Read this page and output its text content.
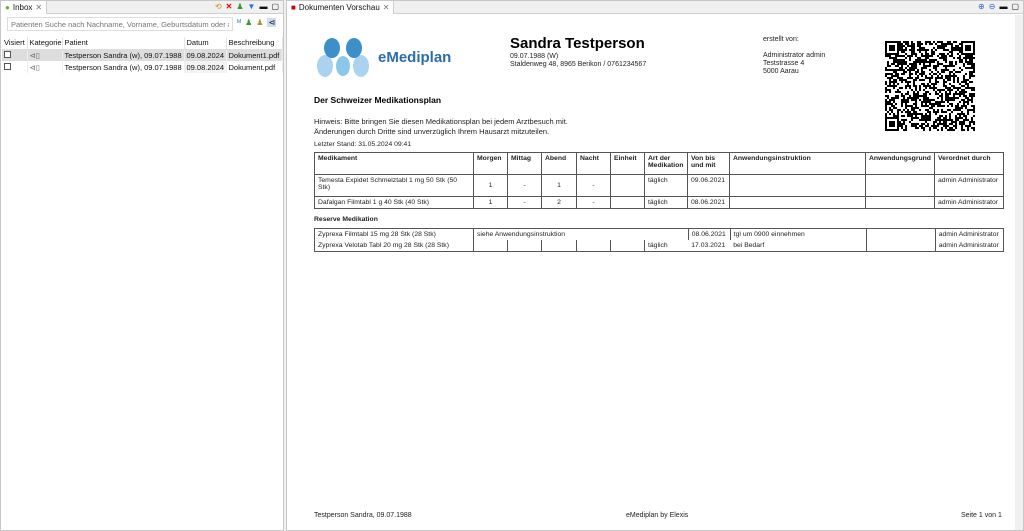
● Inbox ✕	⟲ ✕ ♟ ▼ ▬ ▢
Patienten Suche nach Nachname, Vorname, Geburtsdatum oder #Patie
ᴹ ♟ ♟ ⊲
Visiert	Kategorie	Patient	Datum	Beschreibung
	⊲▯	Testperson Sandra (w), 09.07.1988	09.08.2024	Dokument1.pdf
	⊲▯	Testperson Sandra (w), 09.07.1988	09.08.2024	Dokument.pdf
■ Dokumenten Vorschau ✕	⊕ ⊖ ▬ ▢
eMediplan
Sandra Testperson
09.07.1988 (W)
Staldenweg 48, 8965 Berikon / 0761234567
erstellt von:
Administrator admin
Teststrasse 4
5000 Aarau
Der Schweizer Medikationsplan
Hinweis: Bitte bringen Sie diesen Medikationsplan bei jedem Arztbesuch mit.
Änderungen durch Dritte sind unverzüglich Ihrem Hausarzt mitzuteilen.
Letzter Stand: 31.05.2024 09:41
Medikament	Morgen	Mittag	Abend	Nacht	Einheit	Art der Medikation	Von bis und mit	Anwendungsinstruktion	Anwendungsgrund	Verordnet durch
Temesta Expidet Schmelztabl 1 mg 50 Stk (50 Stk)	1	-	1	-		täglich	09.06.2021			admin Administrator
Dafalgan Filmtabl 1 g 40 Stk (40 Stk)	1	-	2	-		täglich	08.06.2021			admin Administrator
Reserve Medikation
Zyprexa Filmtabl 15 mg 28 Stk (28 Stk)	siehe Anwendungsinstruktion						08.06.2021	tgl um 0900 einnehmen		admin Administrator
Zyprexa Velotab Tabl 20 mg 28 Stk (28 Stk)						täglich	17.03.2021	bei Bedarf		admin Administrator
Testperson Sandra, 09.07.1988	eMediplan by Elexis	Seite 1 von 1
